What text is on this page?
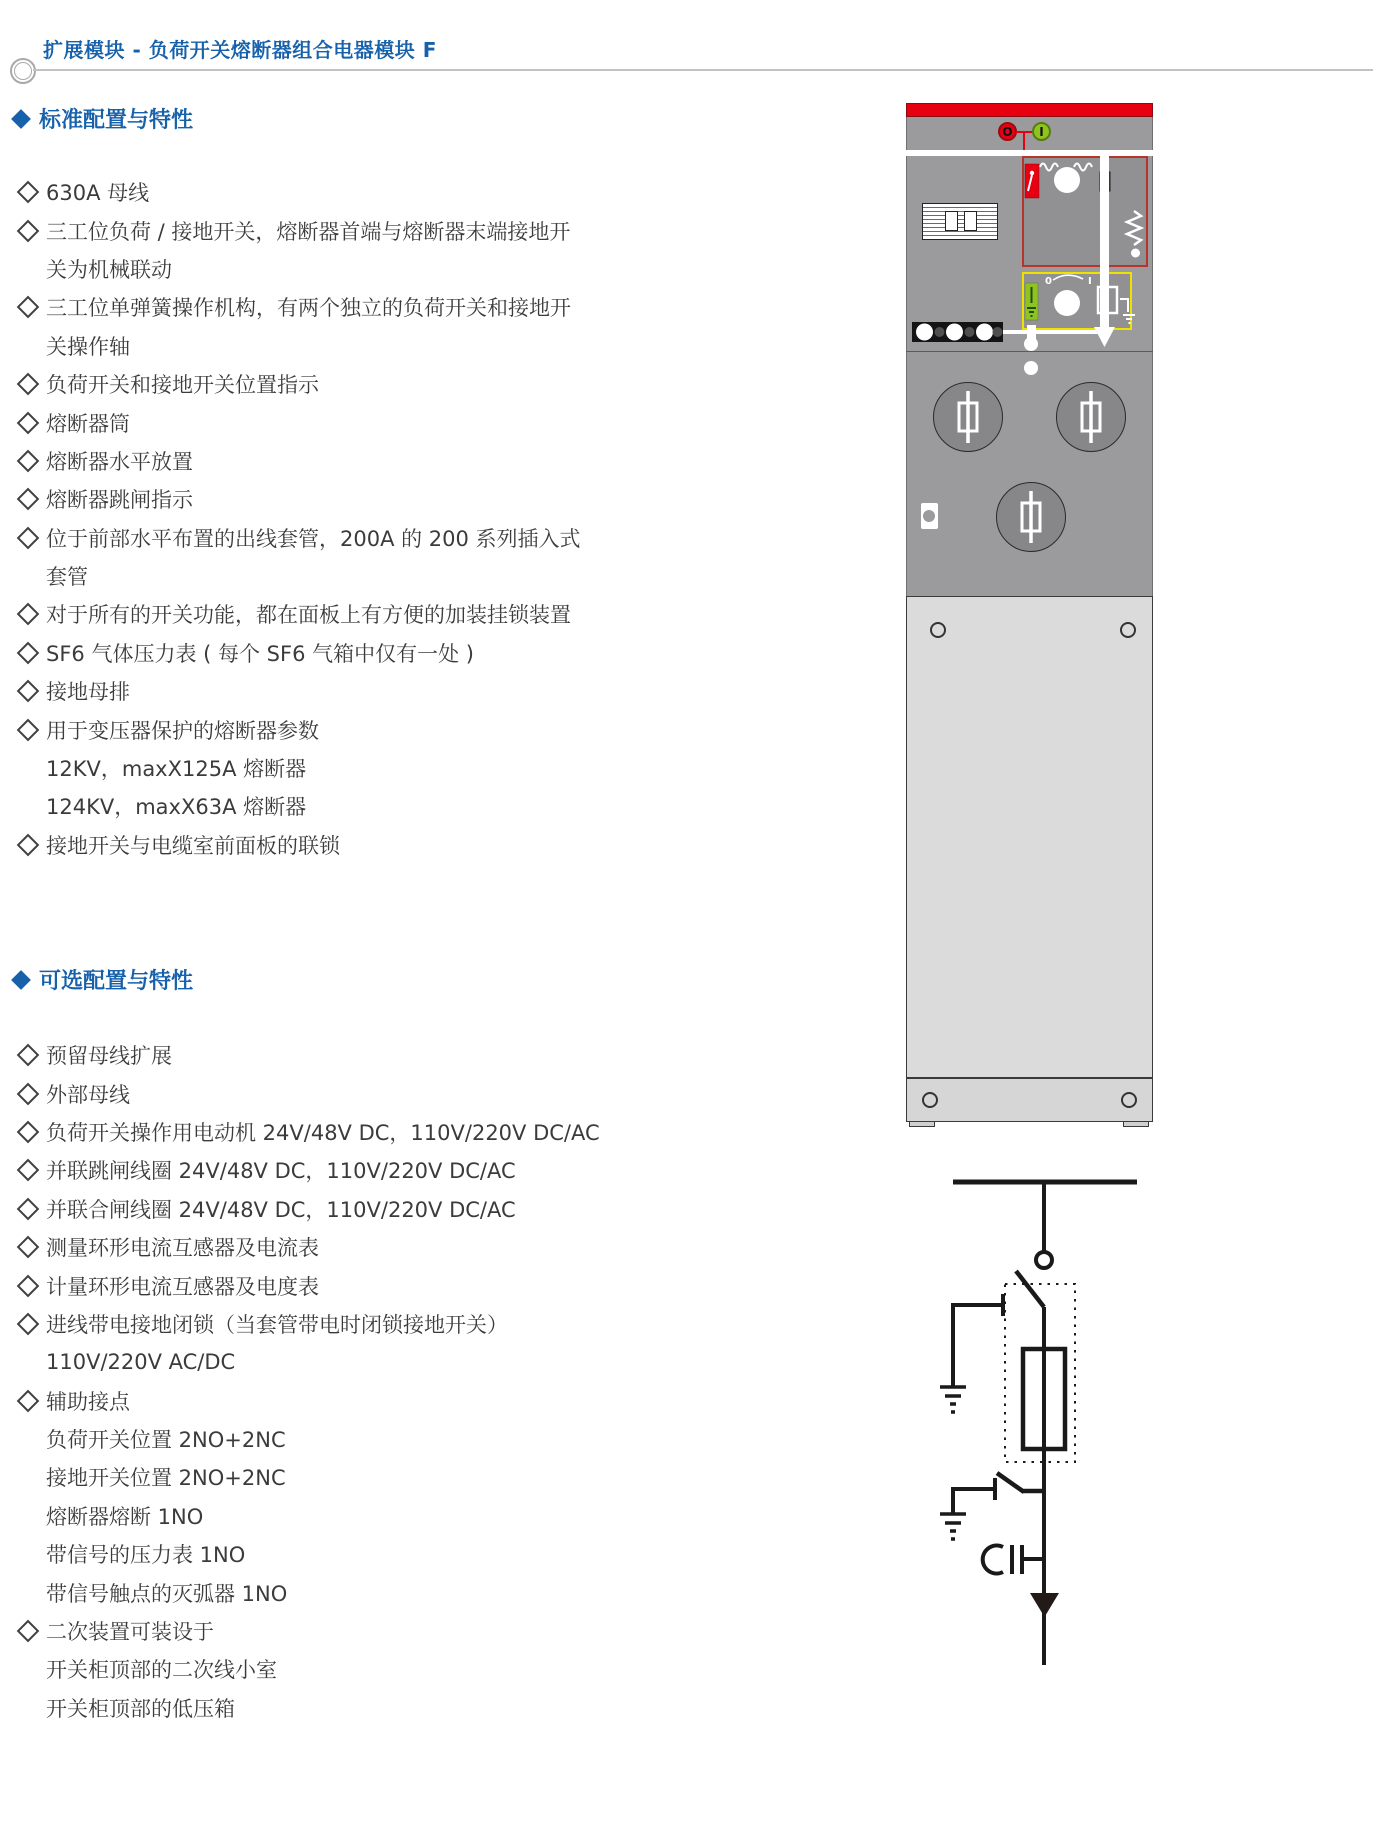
扩展模块 - 负荷开关熔断器组合电器模块 F
标准配置与特性
630A 母线
三工位负荷 / 接地开关，熔断器首端与熔断器末端接地开
关为机械联动
三工位单弹簧操作机构，有两个独立的负荷开关和接地开
关操作轴
负荷开关和接地开关位置指示
熔断器筒
熔断器水平放置
熔断器跳闸指示
位于前部水平布置的出线套管，200A 的 200 系列插入式
套管
对于所有的开关功能，都在面板上有方便的加装挂锁装置
SF6 气体压力表 ( 每个 SF6 气箱中仅有一处 )
接地母排
用于变压器保护的熔断器参数
12KV，maxX125A 熔断器
124KV，maxX63A 熔断器
接地开关与电缆室前面板的联锁
可选配置与特性
预留母线扩展
外部母线
负荷开关操作用电动机 24V/48V DC，110V/220V DC/AC
并联跳闸线圈 24V/48V DC，110V/220V DC/AC
并联合闸线圈 24V/48V DC，110V/220V DC/AC
测量环形电流互感器及电流表
计量环形电流互感器及电度表
进线带电接地闭锁（当套管带电时闭锁接地开关）
110V/220V AC/DC
辅助接点
负荷开关位置 2NO+2NC
接地开关位置 2NO+2NC
熔断器熔断 1NO
带信号的压力表 1NO
带信号触点的灭弧器 1NO
二次装置可装设于
开关柜顶部的二次线小室
开关柜顶部的低压箱
O I
0	I
